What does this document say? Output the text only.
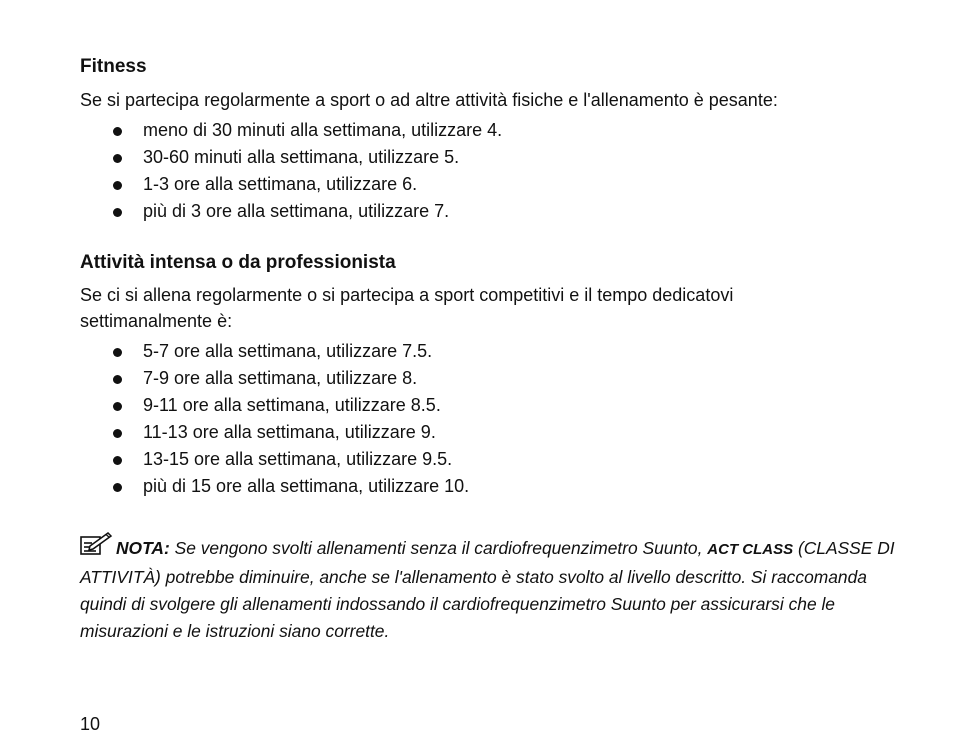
Fitness
Se si partecipa regolarmente a sport o ad altre attività fisiche e l'allenamento è pesante:
meno di 30 minuti alla settimana, utilizzare 4.
30-60 minuti alla settimana, utilizzare 5.
1-3 ore alla settimana, utilizzare 6.
più di 3 ore alla settimana, utilizzare 7.
Attività intensa o da professionista
Se ci si allena regolarmente o si partecipa a sport competitivi e il tempo dedicatovi settimanalmente è:
5-7 ore alla settimana, utilizzare 7.5.
7-9 ore alla settimana, utilizzare 8.
9-11 ore alla settimana, utilizzare 8.5.
11-13 ore alla settimana, utilizzare 9.
13-15 ore alla settimana, utilizzare 9.5.
più di 15 ore alla settimana, utilizzare 10.
NOTA: Se vengono svolti allenamenti senza il cardiofrequenzimetro Suunto, ACT CLASS (CLASSE DI ATTIVITÀ) potrebbe diminuire, anche se l'allenamento è stato svolto al livello descritto. Si raccomanda quindi di svolgere gli allenamenti indossando il cardiofrequenzimetro Suunto per assicurarsi che le misurazioni e le istruzioni siano corrette.
10
